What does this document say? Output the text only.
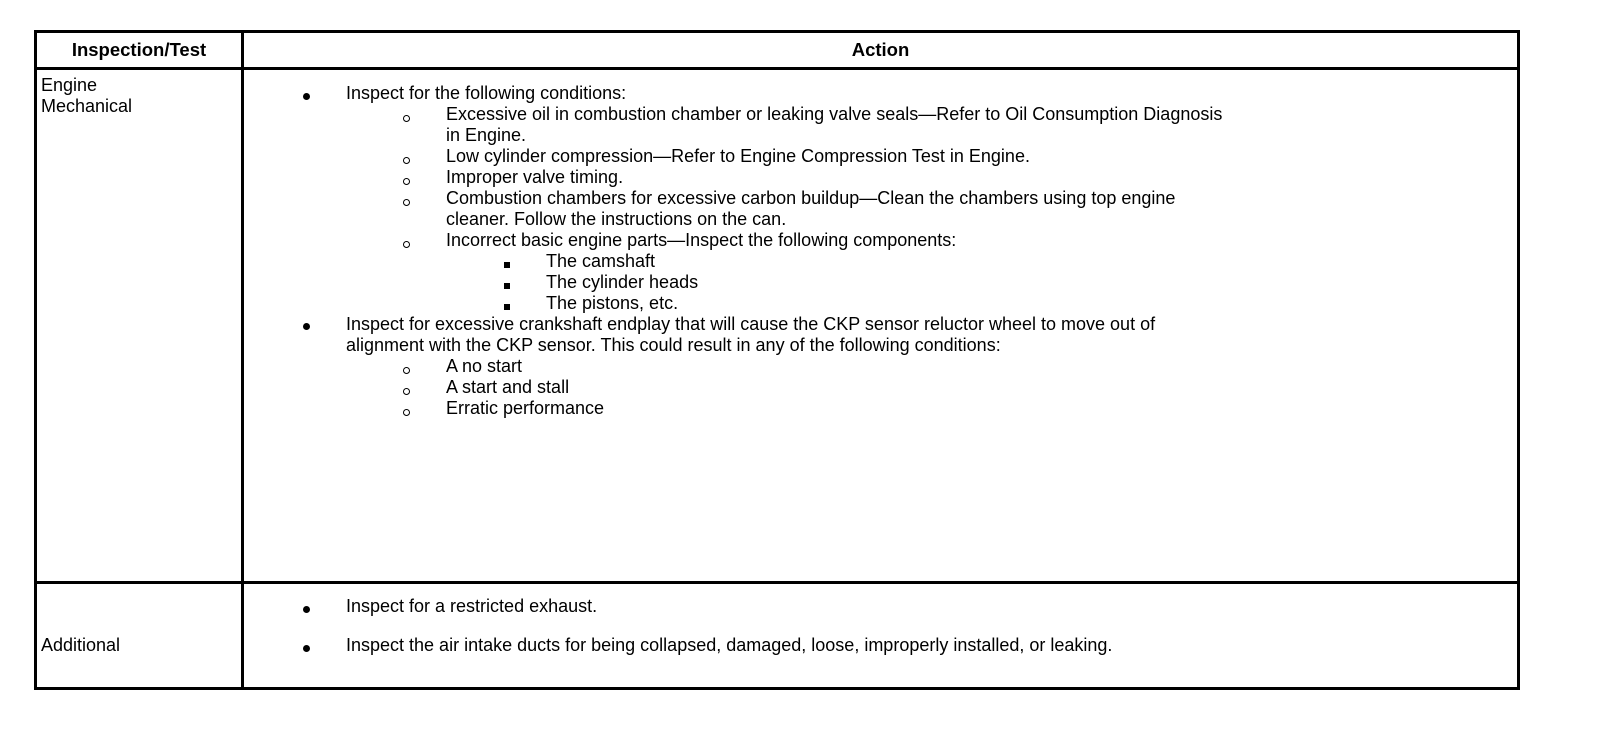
Inspection/Test	Action
Engine
Mechanical
Inspect for the following conditions:
Excessive oil in combustion chamber or leaking valve seals—Refer to Oil Consumption Diagnosis
in Engine.
Low cylinder compression—Refer to Engine Compression Test in Engine.
Improper valve timing.
Combustion chambers for excessive carbon buildup—Clean the chambers using top engine
cleaner. Follow the instructions on the can.
Incorrect basic engine parts—Inspect the following components:
The camshaft
The cylinder heads
The pistons, etc.
Inspect for excessive crankshaft endplay that will cause the CKP sensor reluctor wheel to move out of
alignment with the CKP sensor. This could result in any of the following conditions:
A no start
A start and stall
Erratic performance
Additional
Inspect for a restricted exhaust.
Inspect the air intake ducts for being collapsed, damaged, loose, improperly installed, or leaking.
